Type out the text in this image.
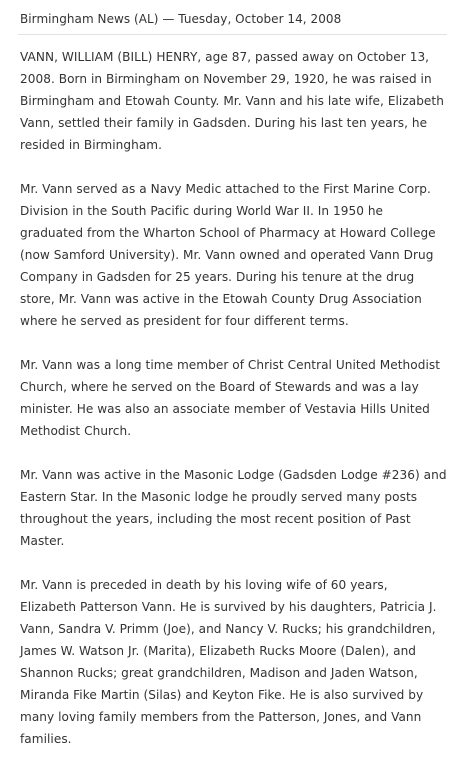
Birmingham News (AL) — Tuesday, October 14, 2008

VANN, WILLIAM (BILL) HENRY, age 87, passed away on October 13, 2008. Born in Birmingham on November 29, 1920, he was raised in Birmingham and Etowah County. Mr. Vann and his late wife, Elizabeth Vann, settled their family in Gadsden. During his last ten years, he resided in Birmingham.

Mr. Vann served as a Navy Medic attached to the First Marine Corp. Division in the South Pacific during World War II. In 1950 he graduated from the Wharton School of Pharmacy at Howard College (now Samford University). Mr. Vann owned and operated Vann Drug Company in Gadsden for 25 years. During his tenure at the drug store, Mr. Vann was active in the Etowah County Drug Association where he served as president for four different terms.

Mr. Vann was a long time member of Christ Central United Methodist Church, where he served on the Board of Stewards and was a lay minister. He was also an associate member of Vestavia Hills United Methodist Church.

Mr. Vann was active in the Masonic Lodge (Gadsden Lodge #236) and Eastern Star. In the Masonic lodge he proudly served many posts throughout the years, including the most recent position of Past Master.

Mr. Vann is preceded in death by his loving wife of 60 years, Elizabeth Patterson Vann. He is survived by his daughters, Patricia J. Vann, Sandra V. Primm (Joe), and Nancy V. Rucks; his grandchildren, James W. Watson Jr. (Marita), Elizabeth Rucks Moore (Dalen), and Shannon Rucks; great grandchildren, Madison and Jaden Watson, Miranda Fike Martin (Silas) and Keyton Fike. He is also survived by many loving family members from the Patterson, Jones, and Vann families.
